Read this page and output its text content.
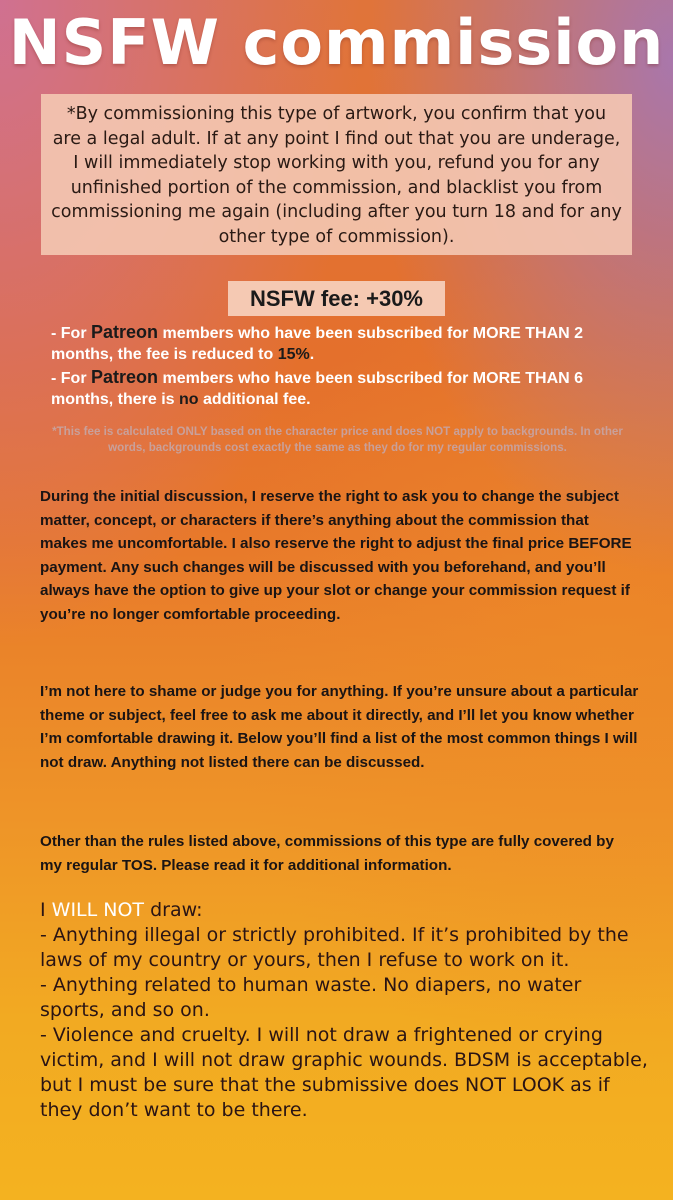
NSFW commission
*By commissioning this type of artwork, you confirm that you are a legal adult. If at any point I find out that you are underage, I will immediately stop working with you, refund you for any unfinished portion of the commission, and blacklist you from commissioning me again (including after you turn 18 and for any other type of commission).
NSFW fee: +30%
- For Patreon members who have been subscribed for MORE THAN 2 months, the fee is reduced to 15%.
- For Patreon members who have been subscribed for MORE THAN 6 months, there is no additional fee.
*This fee is calculated ONLY based on the character price and does NOT apply to backgrounds. In other words, backgrounds cost exactly the same as they do for my regular commissions.
During the initial discussion, I reserve the right to ask you to change the subject matter, concept, or characters if there’s anything about the commission that makes me uncomfortable. I also reserve the right to adjust the final price BEFORE payment. Any such changes will be discussed with you beforehand, and you’ll always have the option to give up your slot or change your commission request if you’re no longer comfortable proceeding.
I’m not here to shame or judge you for anything. If you’re unsure about a particular theme or subject, feel free to ask me about it directly, and I’ll let you know whether I’m comfortable drawing it. Below you’ll find a list of the most common things I will not draw. Anything not listed there can be discussed.
Other than the rules listed above, commissions of this type are fully covered by my regular TOS. Please read it for additional information.
I WILL NOT draw:
- Anything illegal or strictly prohibited. If it’s prohibited by the laws of my country or yours, then I refuse to work on it.
- Anything related to human waste. No diapers, no water sports, and so on.
- Violence and cruelty. I will not draw a frightened or crying victim, and I will not draw graphic wounds. BDSM is acceptable, but I must be sure that the submissive does NOT LOOK as if they don’t want to be there.
